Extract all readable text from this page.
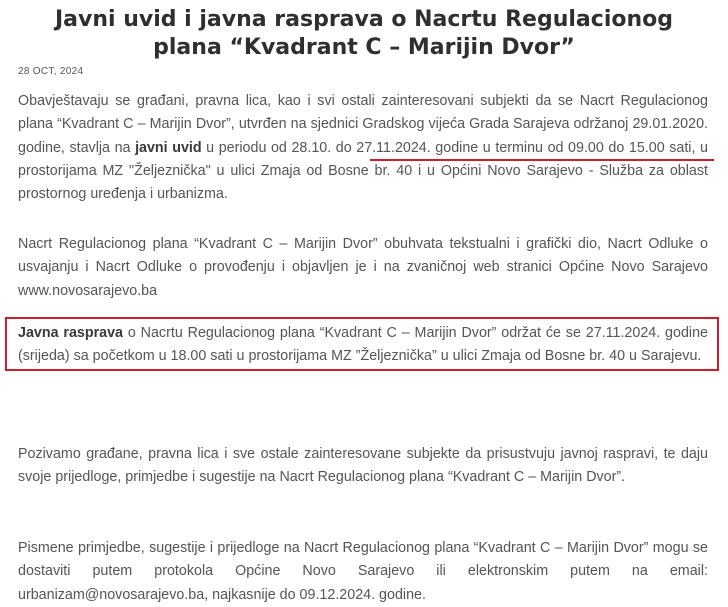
Javni uvid i javna rasprava o Nacrtu Regulacionog
plana “Kvadrant C – Marijin Dvor”
28 OCT, 2024

Obavještavaju se građani, pravna lica, kao i svi ostali zainteresovani subjekti da se Nacrt Regulacionog plana “Kvadrant C – Marijin Dvor”, utvrđen na sjednici Gradskog vijeća Grada Sarajeva održanoj 29.01.2020. godine, stavlja na javni uvid u periodu od 28.10. do 27.11.2024. godine u terminu od 09.00 do 15.00 sati, u prostorijama MZ "Željeznička" u ulici Zmaja od Bosne br. 40 i u Općini Novo Sarajevo - Služba za oblast prostornog uređenja i urbanizma.

Nacrt Regulacionog plana “Kvadrant C – Marijin Dvor” obuhvata tekstualni i grafički dio, Nacrt Odluke o usvajanju i Nacrt Odluke o provođenju i objavljen je i na zvaničnoj web stranici Općine Novo Sarajevo www.novosarajevo.ba

Javna rasprava o Nacrtu Regulacionog plana “Kvadrant C – Marijin Dvor” održat će se 27.11.2024. godine (srijeda) sa početkom u 18.00 sati u prostorijama MZ ”Željeznička” u ulici Zmaja od Bosne br. 40 u Sarajevu.

Pozivamo građane, pravna lica i sve ostale zainteresovane subjekte da prisustvuju javnoj raspravi, te daju svoje prijedloge, primjedbe i sugestije na Nacrt Regulacionog plana “Kvadrant C – Marijin Dvor”.

Pismene primjedbe, sugestije i prijedloge na Nacrt Regulacionog plana “Kvadrant C – Marijin Dvor” mogu se dostaviti putem protokola Općine Novo Sarajevo ili elektronskim putem na email: urbanizam@novosarajevo.ba, najkasnije do 09.12.2024. godine.
